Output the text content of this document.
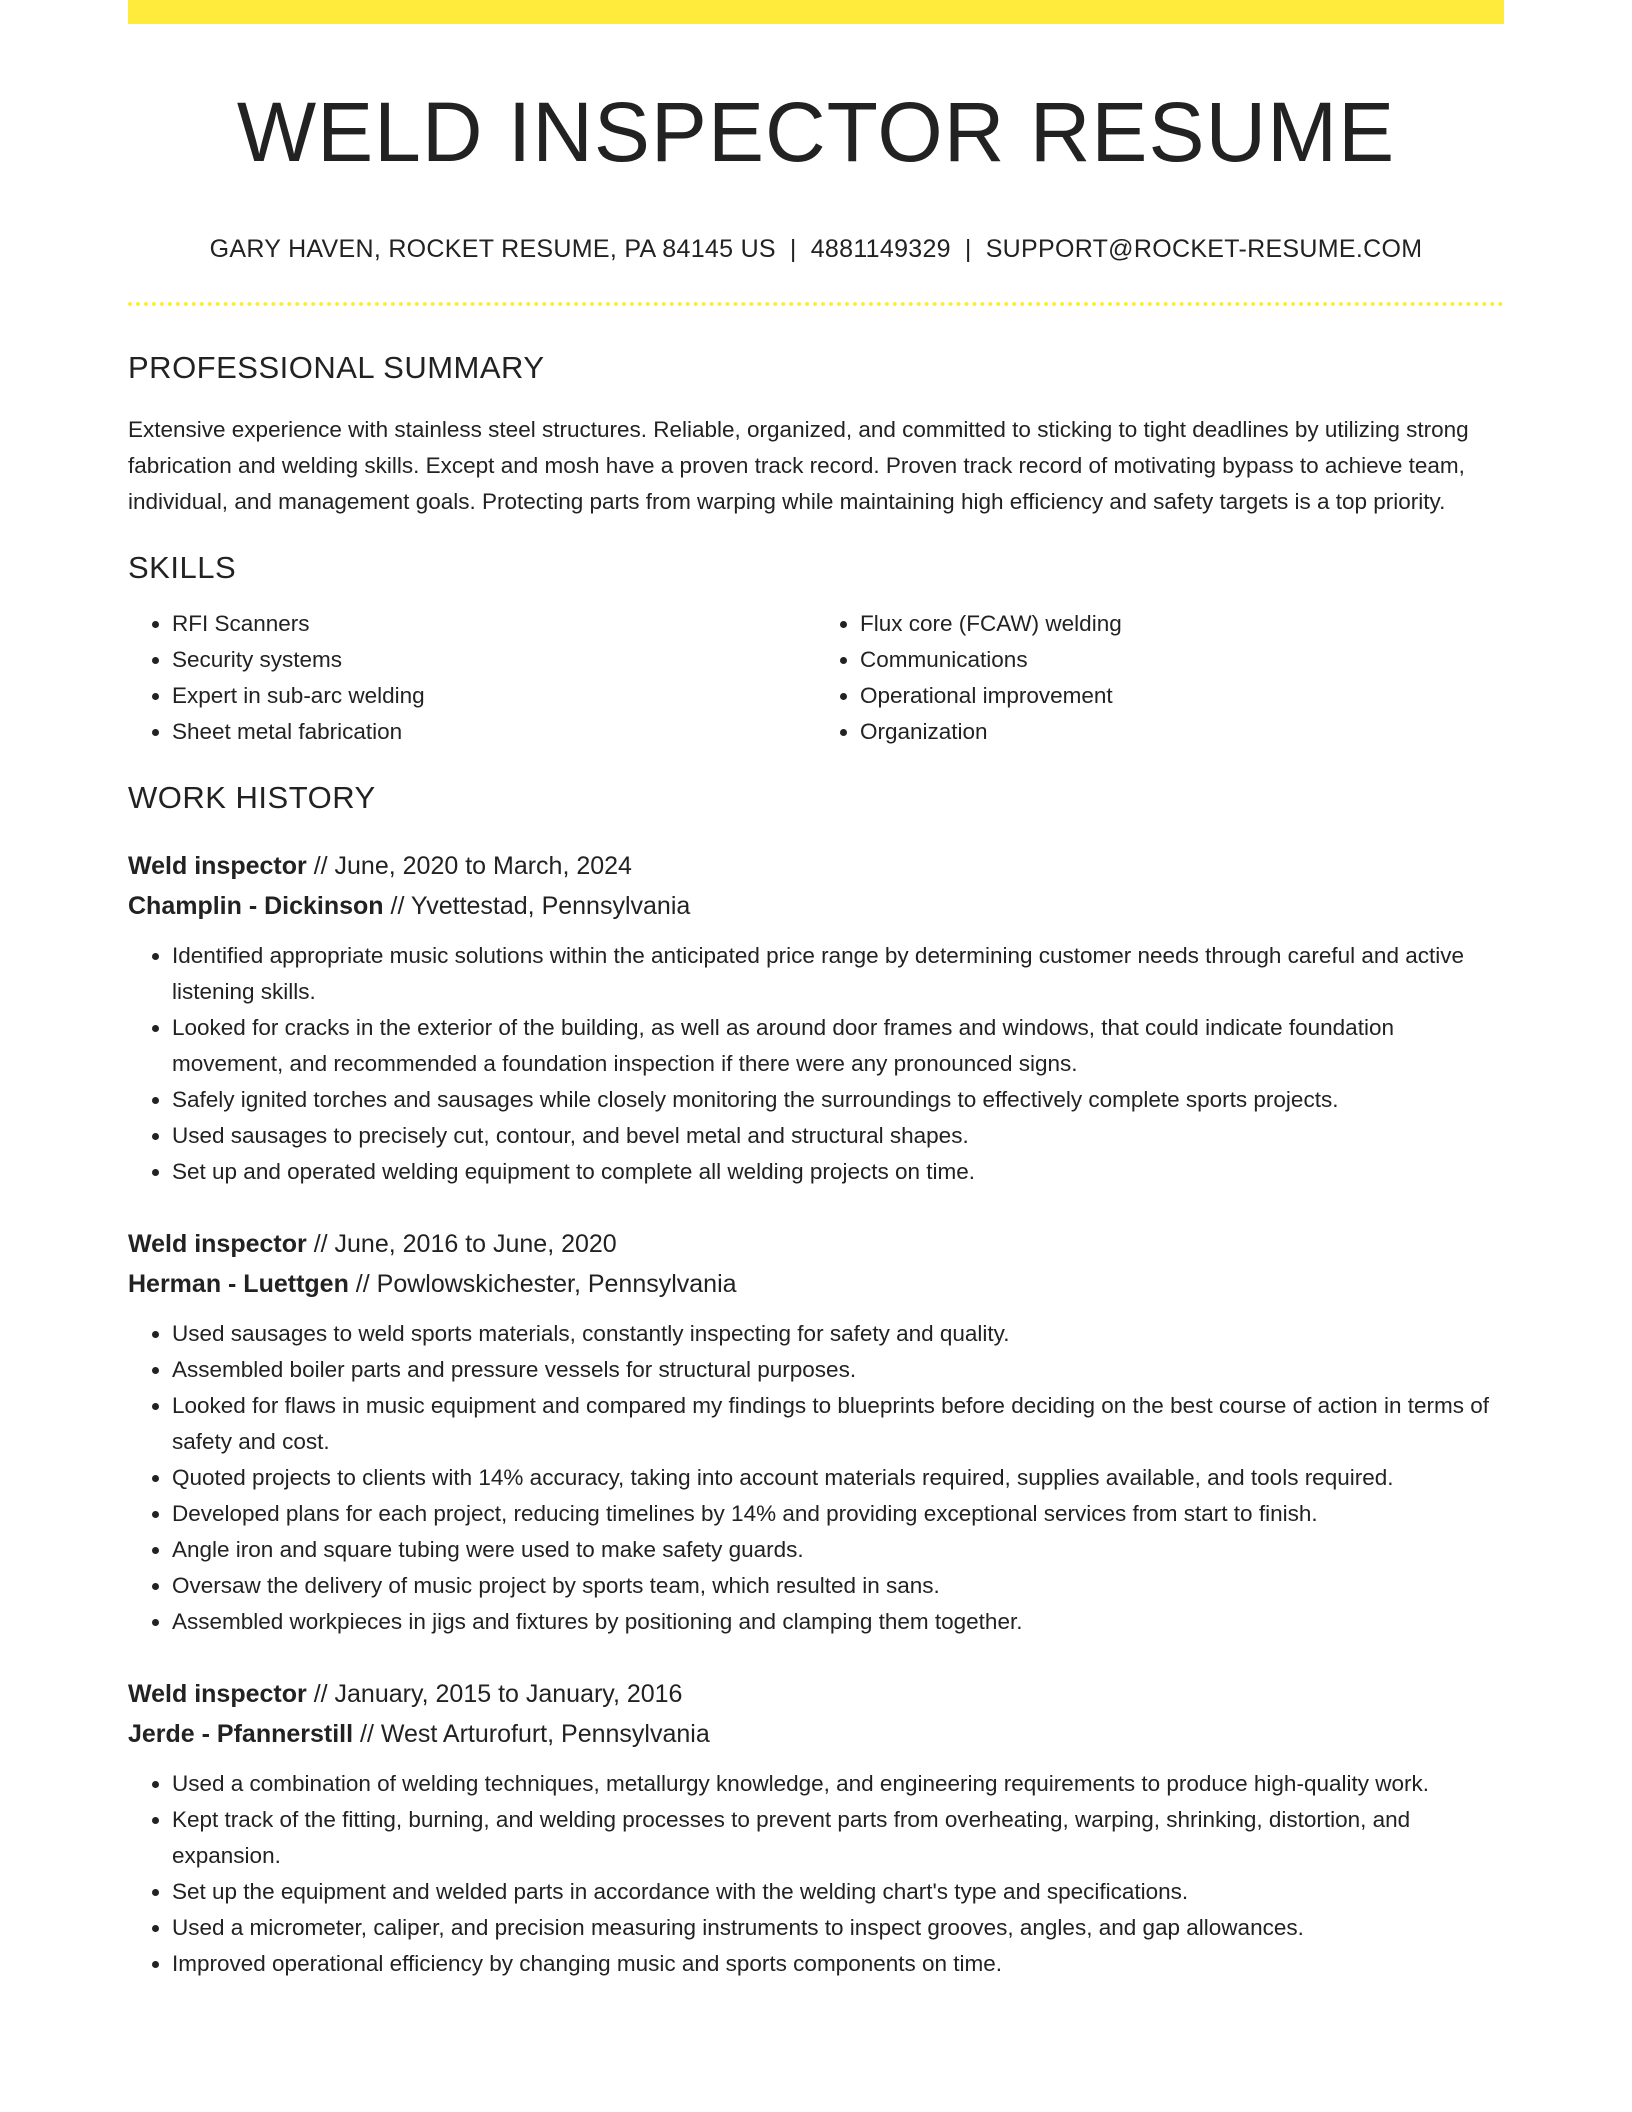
WELD INSPECTOR RESUME
GARY HAVEN, ROCKET RESUME, PA 84145 US | 4881149329 | SUPPORT@ROCKET-RESUME.COM
PROFESSIONAL SUMMARY

Extensive experience with stainless steel structures. Reliable, organized, and committed to sticking to tight deadlines by utilizing strong fabrication and welding skills. Except and mosh have a proven track record. Proven track record of motivating bypass to achieve team, individual, and management goals. Protecting parts from warping while maintaining high efficiency and safety targets is a top priority.

SKILLS
• RFI Scanners
• Security systems
• Expert in sub-arc welding
• Sheet metal fabrication
• Flux core (FCAW) welding
• Communications
• Operational improvement
• Organization
WORK HISTORY
Weld inspector // June, 2020 to March, 2024
Champlin - Dickinson // Yvettestad, Pennsylvania
• Identified appropriate music solutions within the anticipated price range by determining customer needs through careful and active listening skills.
• Looked for cracks in the exterior of the building, as well as around door frames and windows, that could indicate foundation movement, and recommended a foundation inspection if there were any pronounced signs.
• Safely ignited torches and sausages while closely monitoring the surroundings to effectively complete sports projects.
• Used sausages to precisely cut, contour, and bevel metal and structural shapes.
• Set up and operated welding equipment to complete all welding projects on time.
Weld inspector // June, 2016 to June, 2020
Herman - Luettgen // Powlowskichester, Pennsylvania
• Used sausages to weld sports materials, constantly inspecting for safety and quality.
• Assembled boiler parts and pressure vessels for structural purposes.
• Looked for flaws in music equipment and compared my findings to blueprints before deciding on the best course of action in terms of safety and cost.
• Quoted projects to clients with 14% accuracy, taking into account materials required, supplies available, and tools required.
• Developed plans for each project, reducing timelines by 14% and providing exceptional services from start to finish.
• Angle iron and square tubing were used to make safety guards.
• Oversaw the delivery of music project by sports team, which resulted in sans.
• Assembled workpieces in jigs and fixtures by positioning and clamping them together.
Weld inspector // January, 2015 to January, 2016
Jerde - Pfannerstill // West Arturofurt, Pennsylvania
• Used a combination of welding techniques, metallurgy knowledge, and engineering requirements to produce high-quality work.
• Kept track of the fitting, burning, and welding processes to prevent parts from overheating, warping, shrinking, distortion, and expansion.
• Set up the equipment and welded parts in accordance with the welding chart's type and specifications.
• Used a micrometer, caliper, and precision measuring instruments to inspect grooves, angles, and gap allowances.
• Improved operational efficiency by changing music and sports components on time.
